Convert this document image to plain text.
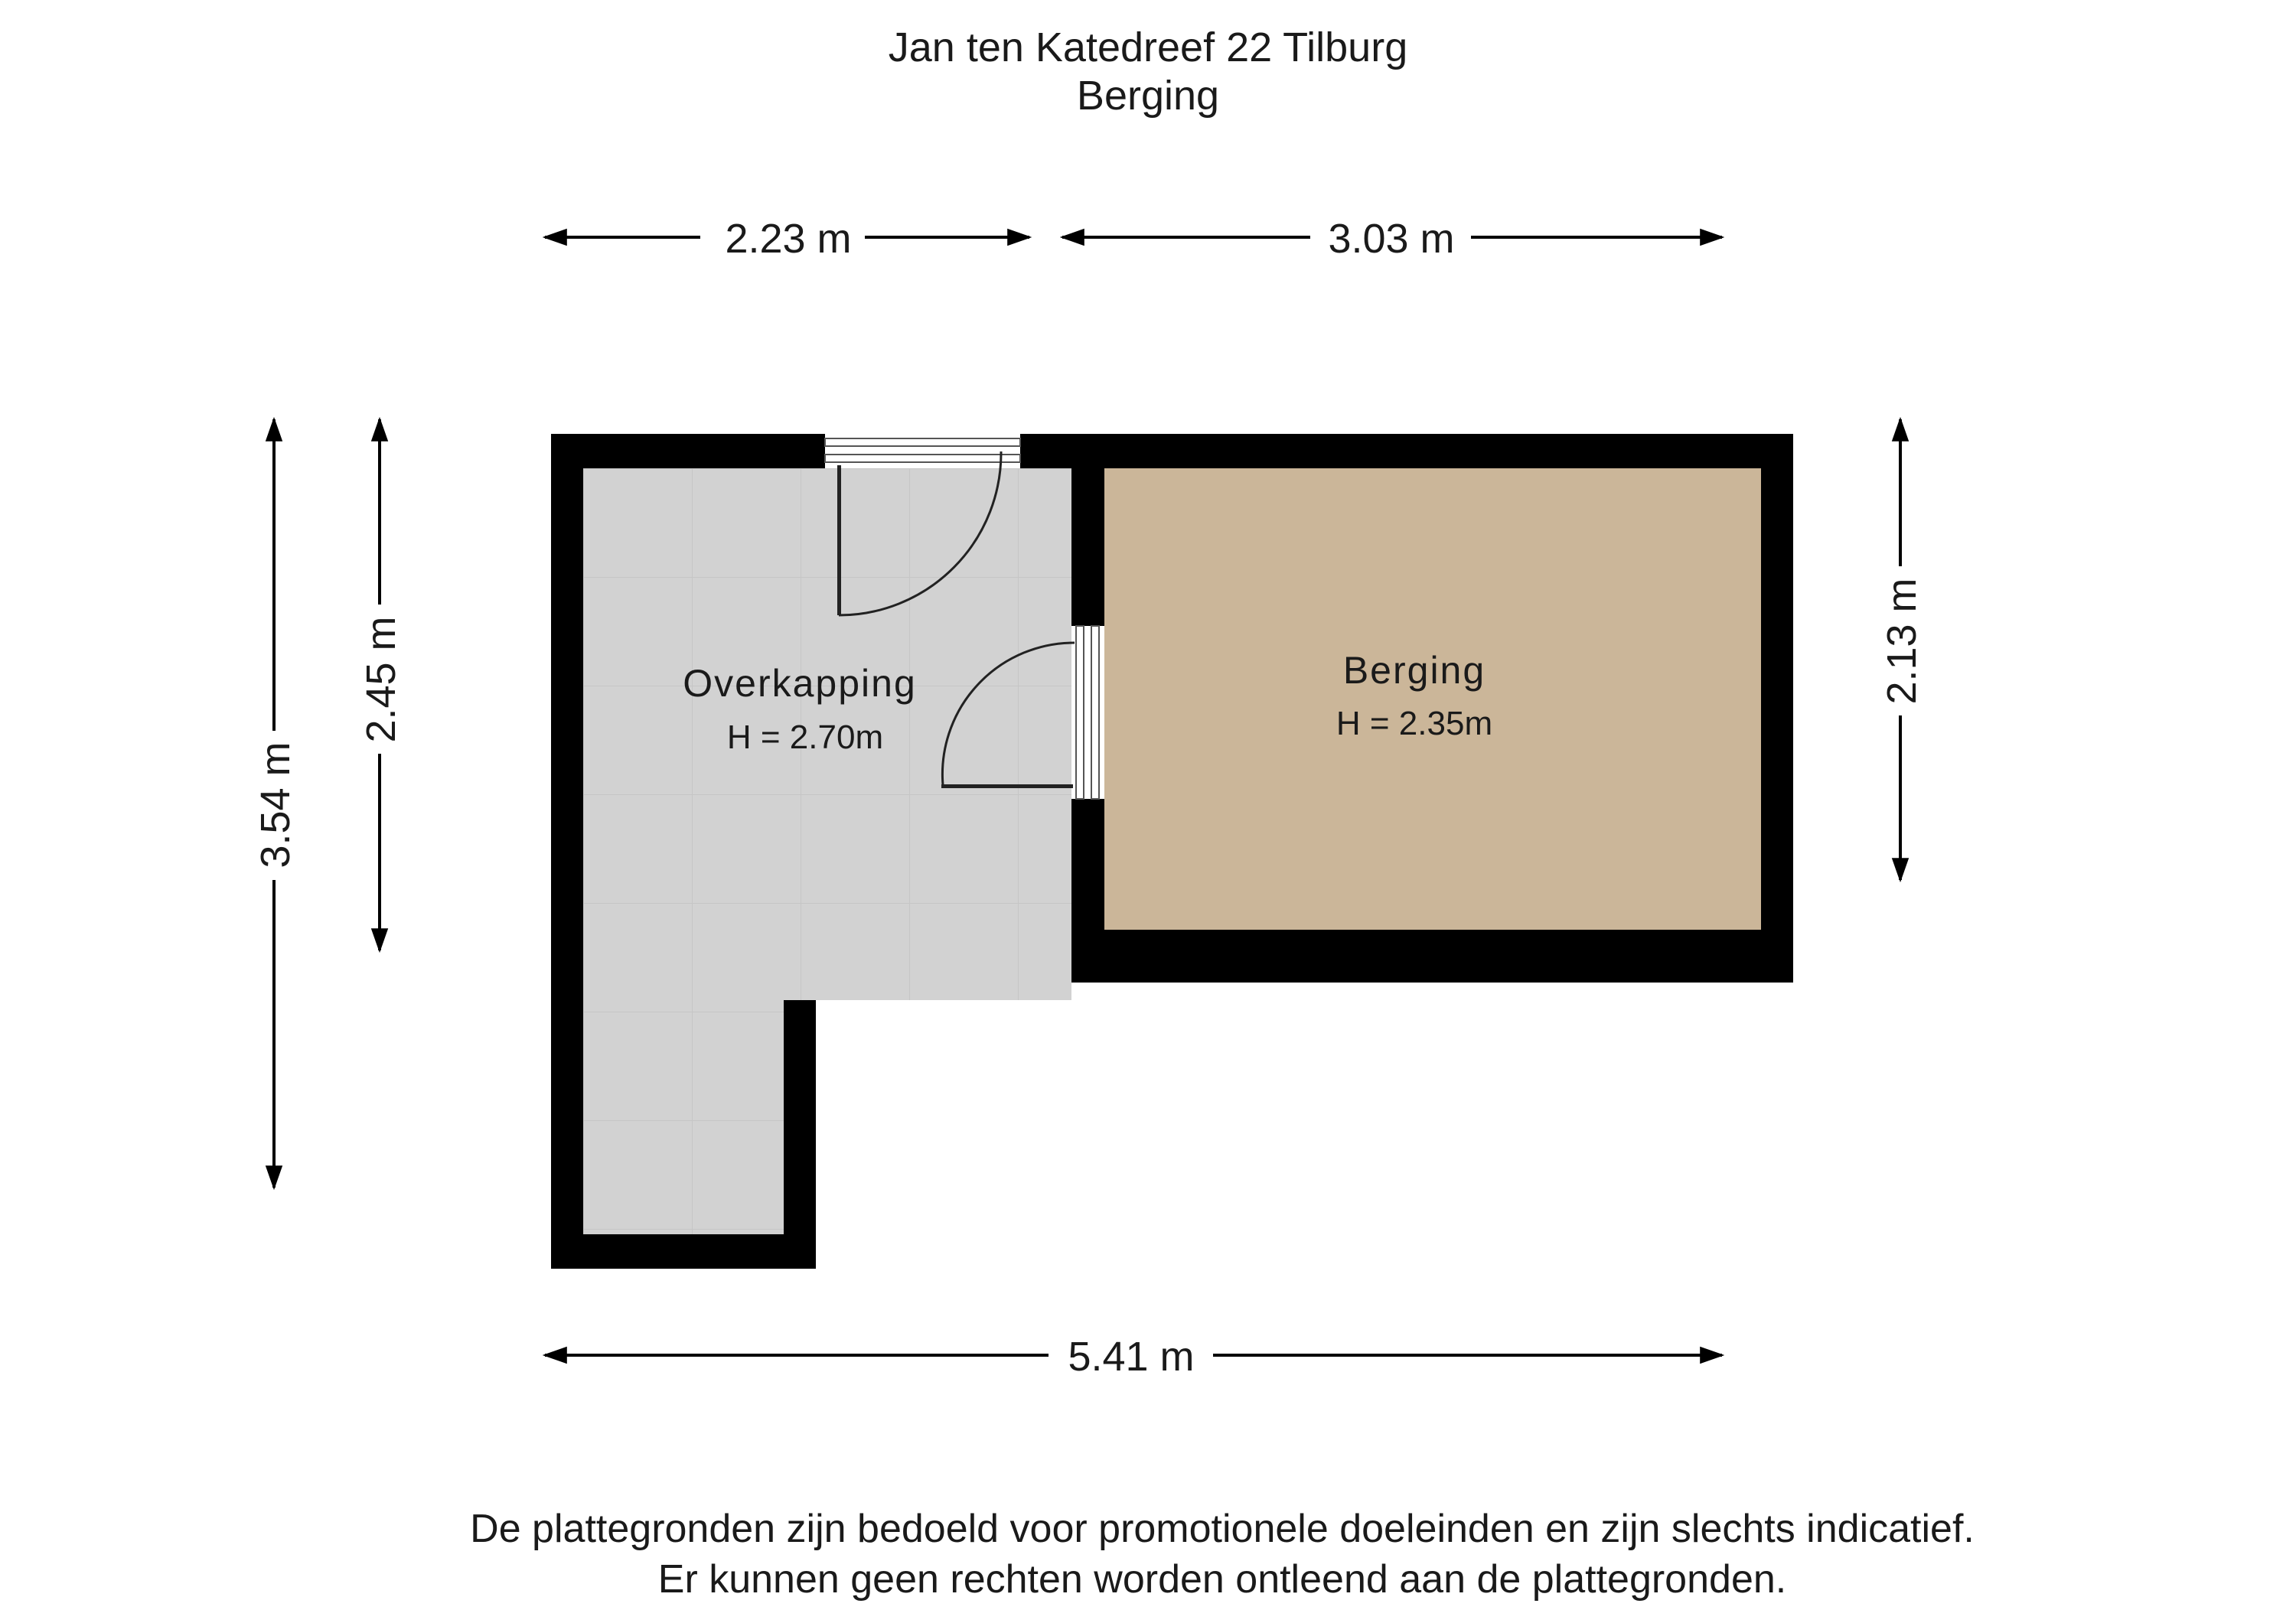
Jan ten Katedreef 22 Tilburg
Berging
2.23 m	3.03 m
5.41 m
3.54 m
2.45 m	2.13 m
Overkapping
H = 2.70m
Berging
H = 2.35m
De plattegronden zijn bedoeld voor promotionele doeleinden en zijn slechts indicatief.
Er kunnen geen rechten worden ontleend aan de plattegronden.
